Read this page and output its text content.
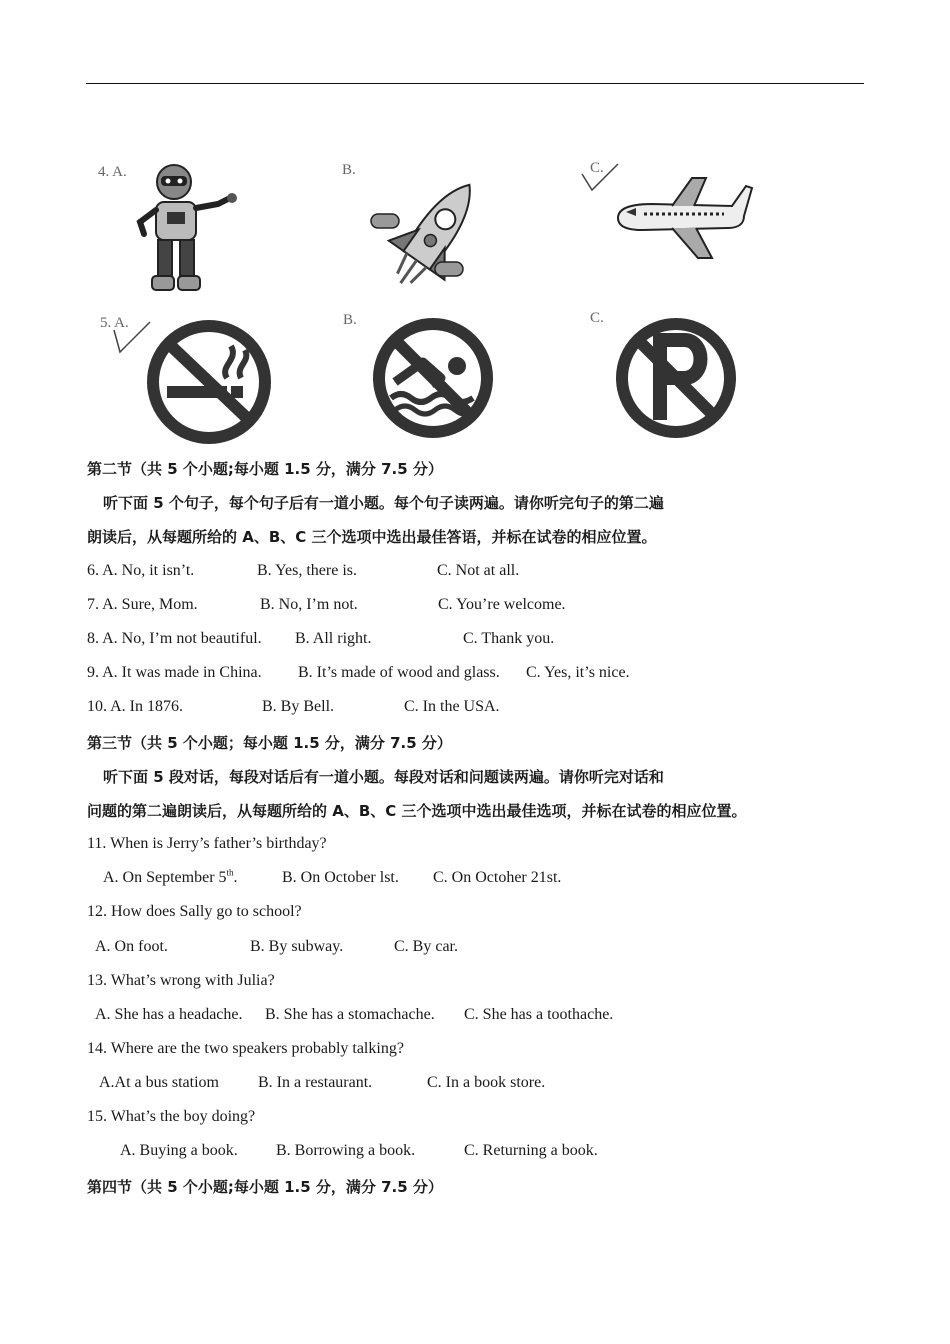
4. A.	B.	C.
5. A.	B.	C.
第二节（共 5 个小题;每小题 1.5 分，满分 7.5 分）
听下面 5 个句子，每个句子后有一道小题。每个句子读两遍。请你听完句子的第二遍
朗读后，从每题所给的 A、B、C 三个选项中选出最佳答语，并标在试卷的相应位置。
6. A. No, it isn’t.	B. Yes, there is.	C. Not at all.
7. A. Sure, Mom.	B. No, I’m not.	C. You’re welcome.
8. A. No, I’m not beautiful. B. All right.	C. Thank you.
9. A. It was made in China. B. It’s made of wood and glass. C. Yes, it’s nice.
10. A. In 1876.	B. By Bell.	C. In the USA.
第三节（共 5 个小题；每小题 1.5 分，满分 7.5 分）
听下面 5 段对话，每段对话后有一道小题。每段对话和问题读两遍。请你听完对话和
问题的第二遍朗读后，从每题所给的 A、B、C 三个选项中选出最佳选项，并标在试卷的相应位置。
11. When is Jerry’s father’s birthday?
A. On September 5th.	B. On October lst. C. On Octoher 21st.
12. How does Sally go to school?
A. On foot.	B. By subway.	C. By car.
13. What’s wrong with Julia?
A. She has a headache. B. She has a stomachache. C. She has a toothache.
14. Where are the two speakers probably talking?
A.At a bus statiom B. In a restaurant.	C. In a book store.
15. What’s the boy doing?
A. Buying a book. B. Borrowing a book.	C. Returning a book.
第四节（共 5 个小题;每小题 1.5 分，满分 7.5 分）
